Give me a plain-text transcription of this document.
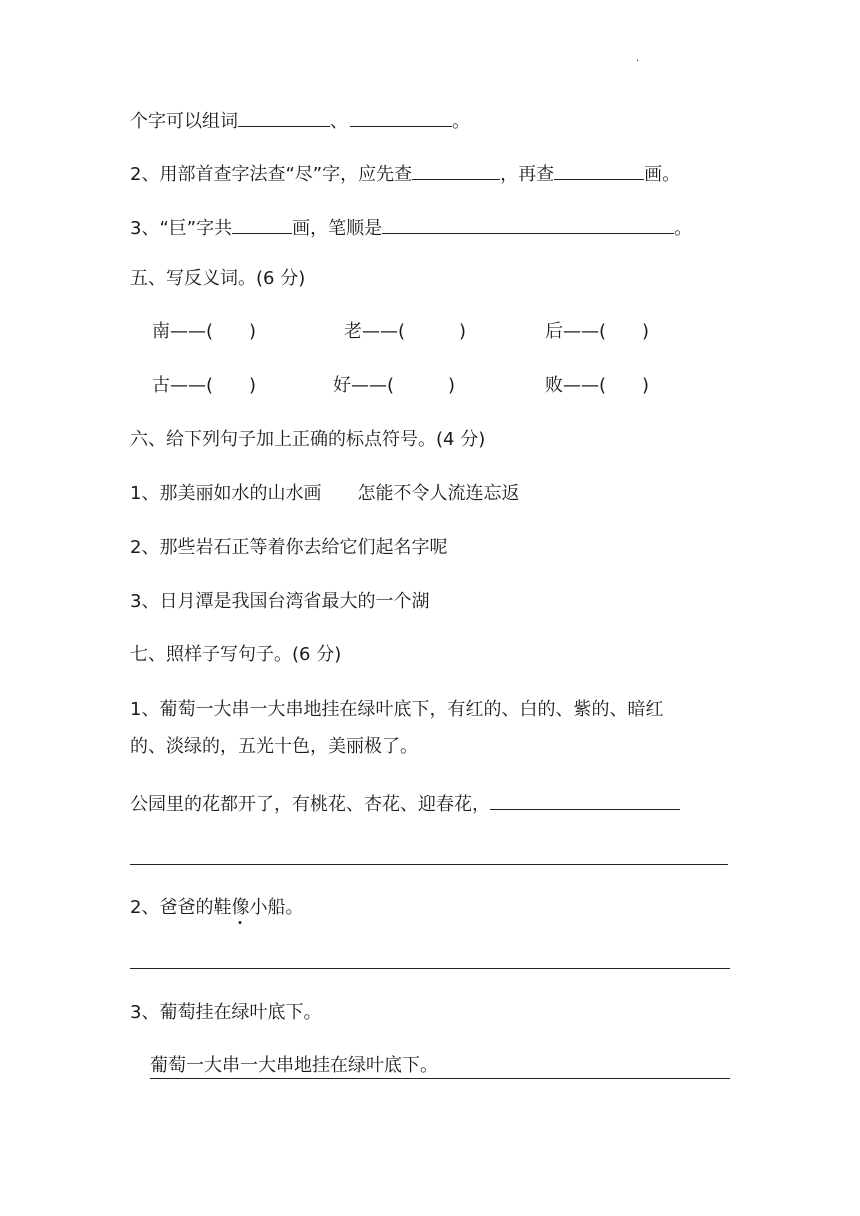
·
个字可以组词	、	。
2、用部首查字法查“尽”字，应先查	，再查	画。
3、“巨”字共	画，笔顺是	。
五、写反义词。(6 分)
南——(　　)	老——(　　　)	后——(　　)
古——(　　)	好——(　　　)	败——(　　)
六、给下列句子加上正确的标点符号。(4 分)
1、那美丽如水的山水画　　怎能不令人流连忘返
2、那些岩石正等着你去给它们起名字呢
3、日月潭是我国台湾省最大的一个湖
七、照样子写句子。(6 分)
1、葡萄一大串一大串地挂在绿叶底下，有红的、白的、紫的、暗红
的、淡绿的，五光十色，美丽极了。
公园里的花都开了，有桃花、杏花、迎春花，
2、爸爸的鞋像小船。
3、葡萄挂在绿叶底下。
葡萄一大串一大串地挂在绿叶底下。
